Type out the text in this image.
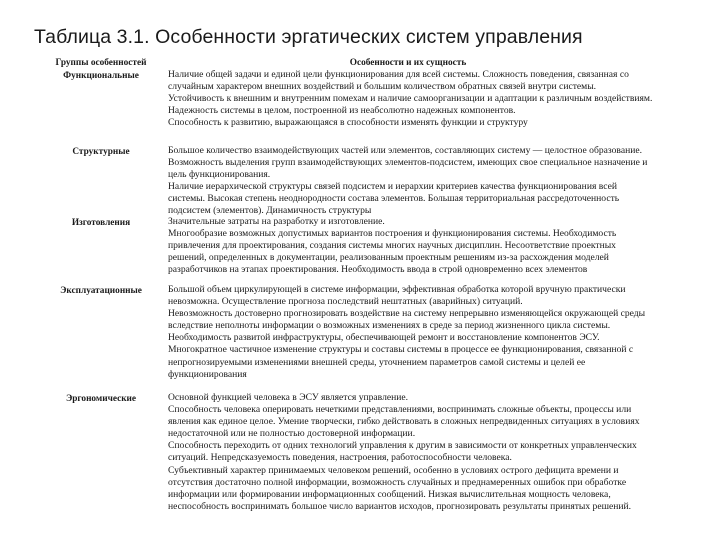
Таблица 3.1. Особенности эргатических систем управления
Группы особенностей	Особенности и их сущность
Функциональные	Наличие общей задачи и единой цели функционирования для всей системы. Сложность поведения, связанная со случайным характером внешних воздействий и большим количеством обратных связей внутри системы.
Устойчивость к внешним и внутренним помехам и наличие самоорганизации и адаптации к различным воздействиям.
Надежность системы в целом, построенной из неабсолютно надежных компонентов.
Способность к развитию, выражающаяся в способности изменять функции и структуру
Структурные	Большое количество взаимодействующих частей или элементов, составляющих систему — целостное образование. Возможность выделения групп взаимодействующих элементов-подсистем, имеющих свое специальное назначение и цель функционирования.
Наличие иерархической структуры связей подсистем и иерархии критериев качества функционирования всей системы. Высокая степень неоднородности состава элементов. Большая территориальная рассредоточенность подсистем (элементов). Динамичность структуры
Изготовления	Значительные затраты на разработку и изготовление.
Многообразие возможных допустимых вариантов построения и функционирования системы. Необходимость привлечения для проектирования, создания системы многих научных дисциплин. Несоответствие проектных решений, определенных в документации, реализованным проектным решениям из-за расхождения моделей разработчиков на этапах проектирования. Необходимость ввода в строй одновременно всех элементов
Эксплуатационные	Большой объем циркулирующей в системе информации, эффективная обработка которой вручную практически невозможна. Осуществление прогноза последствий нештатных (аварийных) ситуаций.
Невозможность достоверно прогнозировать воздействие на систему непрерывно изменяющейся окружающей среды вследствие неполноты информации о возможных изменениях в среде за период жизненного цикла системы.
Необходимость развитой инфраструктуры, обеспечивающей ремонт и восстановление компонентов ЭСУ.
Многократное частичное изменение структуры и составы системы в процессе ее функционирования, связанной с непрогнозируемыми изменениями внешней среды, уточнением параметров самой системы и целей ее функционирования
Эргономические	Основной функцией человека в ЭСУ является управление.
Способность человека оперировать нечеткими представлениями, воспринимать сложные объекты, процессы или явления как единое целое. Умение творчески, гибко действовать в сложных непредвиденных ситуациях в условиях недостаточной или не полностью достоверной информации.
Способность переходить от одних технологий управления к другим в зависимости от конкретных управленческих ситуаций. Непредсказуемость поведения, настроения, работоспособности человека.
Субъективный характер принимаемых человеком решений, особенно в условиях острого дефицита времени и отсутствия достаточно полной информации, возможность случайных и преднамеренных ошибок при обработке информации или формировании информационных сообщений. Низкая вычислительная мощность человека, неспособность воспринимать большое число вариантов исходов, прогнозировать результаты принятых решений.
